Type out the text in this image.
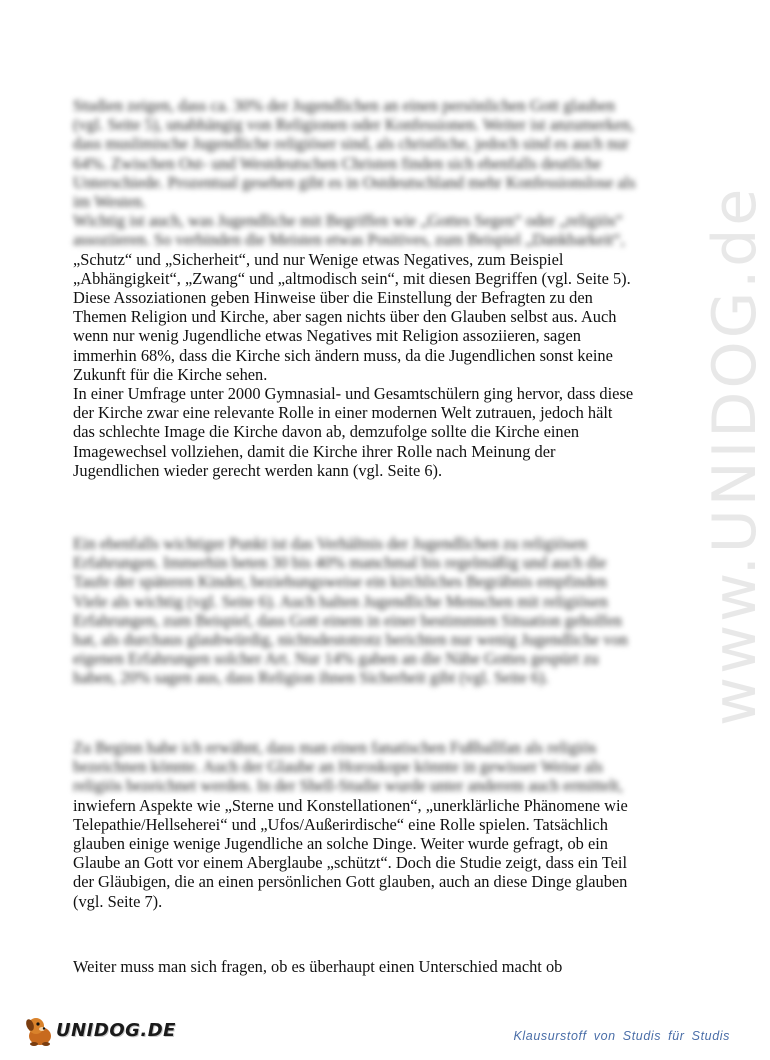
www.UNIDOG.de
Studien zeigen, dass ca. 30% der Jugendlichen an einen persönlichen Gott glauben
(vgl. Seite 5), unabhängig von Religionen oder Konfessionen. Weiter ist anzumerken,
dass muslimische Jugendliche religiöser sind, als christliche, jedoch sind es auch nur
64%. Zwischen Ost- und Westdeutschen Christen finden sich ebenfalls deutliche
Unterschiede. Prozentual gesehen gibt es in Ostdeutschland mehr Konfessionslose als
im Westen.
Wichtig ist auch, was Jugendliche mit Begriffen wie „Gottes Segen“ oder „religiös“
assoziieren. So verbinden die Meisten etwas Positives, zum Beispiel „Dankbarkeit“,
„Schutz“ und „Sicherheit“, und nur Wenige etwas Negatives, zum Beispiel
„Abhängigkeit“, „Zwang“ und „altmodisch sein“, mit diesen Begriffen (vgl. Seite 5).
Diese Assoziationen geben Hinweise über die Einstellung der Befragten zu den
Themen Religion und Kirche, aber sagen nichts über den Glauben selbst aus. Auch
wenn nur wenig Jugendliche etwas Negatives mit Religion assoziieren, sagen
immerhin 68%, dass die Kirche sich ändern muss, da die Jugendlichen sonst keine
Zukunft für die Kirche sehen.
In einer Umfrage unter 2000 Gymnasial- und Gesamtschülern ging hervor, dass diese
der Kirche zwar eine relevante Rolle in einer modernen Welt zutrauen, jedoch hält
das schlechte Image die Kirche davon ab, demzufolge sollte die Kirche einen
Imagewechsel vollziehen, damit die Kirche ihrer Rolle nach Meinung der
Jugendlichen wieder gerecht werden kann (vgl. Seite 6).
Ein ebenfalls wichtiger Punkt ist das Verhältnis der Jugendlichen zu religiösen
Erfahrungen. Immerhin beten 30 bis 40% manchmal bis regelmäßig und auch die
Taufe der späteren Kinder, beziehungsweise ein kirchliches Begräbnis empfinden
Viele als wichtig (vgl. Seite 6). Auch halten Jugendliche Menschen mit religiösen
Erfahrungen, zum Beispiel, dass Gott einem in einer bestimmten Situation geholfen
hat, als durchaus glaubwürdig, nichtsdestotrotz berichten nur wenig Jugendliche von
eigenen Erfahrungen solcher Art. Nur 14% gaben an die Nähe Gottes gespürt zu
haben, 20% sagen aus, dass Religion ihnen Sicherheit gibt (vgl. Seite 6).
Zu Beginn habe ich erwähnt, dass man einen fanatischen Fußballfan als religiös
bezeichnen könnte. Auch der Glaube an Horoskope könnte in gewisser Weise als
religiös bezeichnet werden. In der Shell-Studie wurde unter anderem auch ermittelt,
inwiefern Aspekte wie „Sterne und Konstellationen“, „unerklärliche Phänomene wie
Telepathie/Hellseherei“ und „Ufos/Außerirdische“ eine Rolle spielen. Tatsächlich
glauben einige wenige Jugendliche an solche Dinge. Weiter wurde gefragt, ob ein
Glaube an Gott vor einem Aberglaube „schützt“. Doch die Studie zeigt, dass ein Teil
der Gläubigen, die an einen persönlichen Gott glauben, auch an diese Dinge glauben
(vgl. Seite 7).
Weiter muss man sich fragen, ob es überhaupt einen Unterschied macht ob
UNIDOG.DE	Klausurstoff von Studis für Studis
